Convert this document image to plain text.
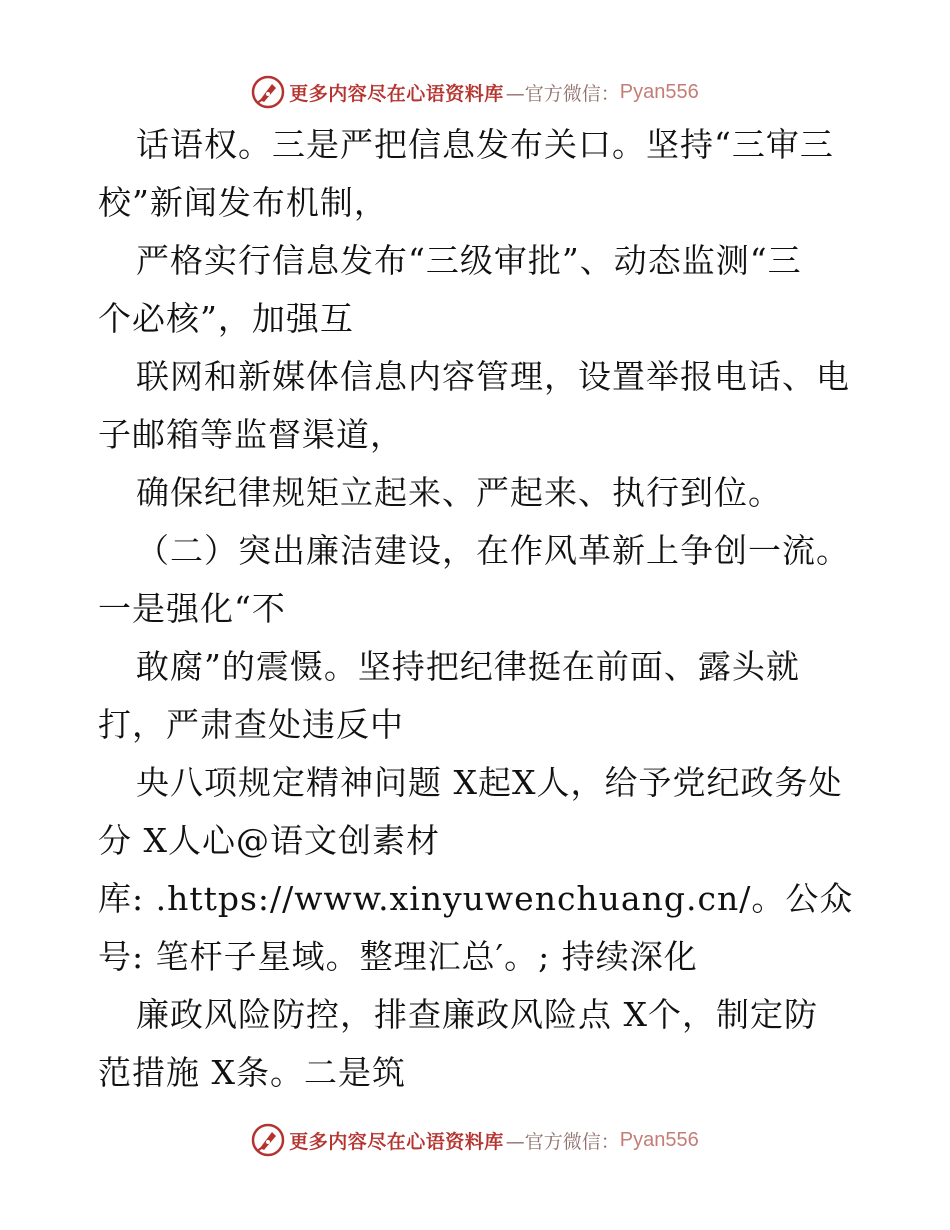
更多内容尽在心语资料库 —官方微信： Pyan556
话语权。三是严把信息发布关口。坚持“三审三
校”新闻发布机制，
严格实行信息发布“三级审批”、动态监测“三
个必核”，加强互
联网和新媒体信息内容管理，设置举报电话、电
子邮箱等监督渠道，
确保纪律规矩立起来、严起来、执行到位。
（二）突出廉洁建设，在作风革新上争创一流。
一是强化“不
敢腐”的震慑。坚持把纪律挺在前面、露头就
打，严肃查处违反中
央八项规定精神问题 X起X人，给予党纪政务处
分 X人心@语文创素材
库: .https://www.xinyuwenchuang.cn/。公众
号: 笔杆子星域。整理汇总′。; 持续深化
廉政风险防控，排查廉政风险点 X个，制定防
范措施 X条。二是筑
更多内容尽在心语资料库 —官方微信： Pyan556
